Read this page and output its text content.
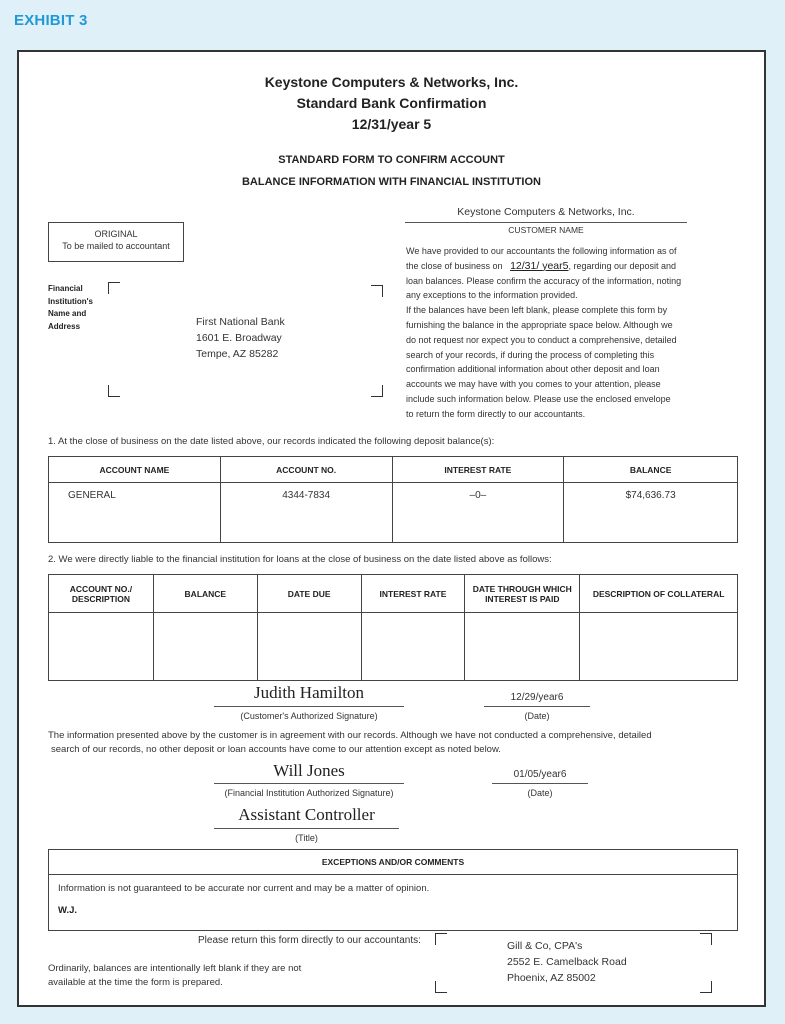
EXHIBIT 3
Keystone Computers & Networks, Inc.
Standard Bank Confirmation
12/31/year 5
STANDARD FORM TO CONFIRM ACCOUNT
BALANCE INFORMATION WITH FINANCIAL INSTITUTION
ORIGINAL
To be mailed to accountant
Keystone Computers & Networks, Inc.
CUSTOMER NAME
Financial
Institution's
Name and
Address	First National Bank
1601 E. Broadway
Tempe, AZ 85282
We have provided to our accountants the following information as of
the close of business on 12/31/ year5, regarding our deposit and
loan balances. Please confirm the accuracy of the information, noting
any exceptions to the information provided.
If the balances have been left blank, please complete this form by
furnishing the balance in the appropriate space below. Although we
do not request nor expect you to conduct a comprehensive, detailed
search of your records, if during the process of completing this
confirmation additional information about other deposit and loan
accounts we may have with you comes to your attention, please
include such information below. Please use the enclosed envelope
to return the form directly to our accountants.
1. At the close of business on the date listed above, our records indicated the following deposit balance(s):
ACCOUNT NAME	ACCOUNT NO.	INTEREST RATE	BALANCE
GENERAL	4344-7834	–0–	$74,636.73
2. We were directly liable to the financial institution for loans at the close of business on the date listed above as follows:
ACCOUNT NO./ DESCRIPTION	BALANCE	DATE DUE	INTEREST RATE	DATE THROUGH WHICH INTEREST IS PAID	DESCRIPTION OF COLLATERAL

Judith Hamilton
(Customer's Authorized Signature)
12/29/year6
(Date)
The information presented above by the customer is in agreement with our records. Although we have not conducted a comprehensive, detailed
search of our records, no other deposit or loan accounts have come to our attention except as noted below.
Will Jones
(Financial Institution Authorized Signature)
01/05/year6
(Date)
Assistant Controller
(Title)
EXCEPTIONS AND/OR COMMENTS
Information is not guaranteed to be accurate nor current and may be a matter of opinion.
W.J.
Please return this form directly to our accountants:
Ordinarily, balances are intentionally left blank if they are not
available at the time the form is prepared.
Gill & Co, CPA's
2552 E. Camelback Road
Phoenix, AZ 85002
